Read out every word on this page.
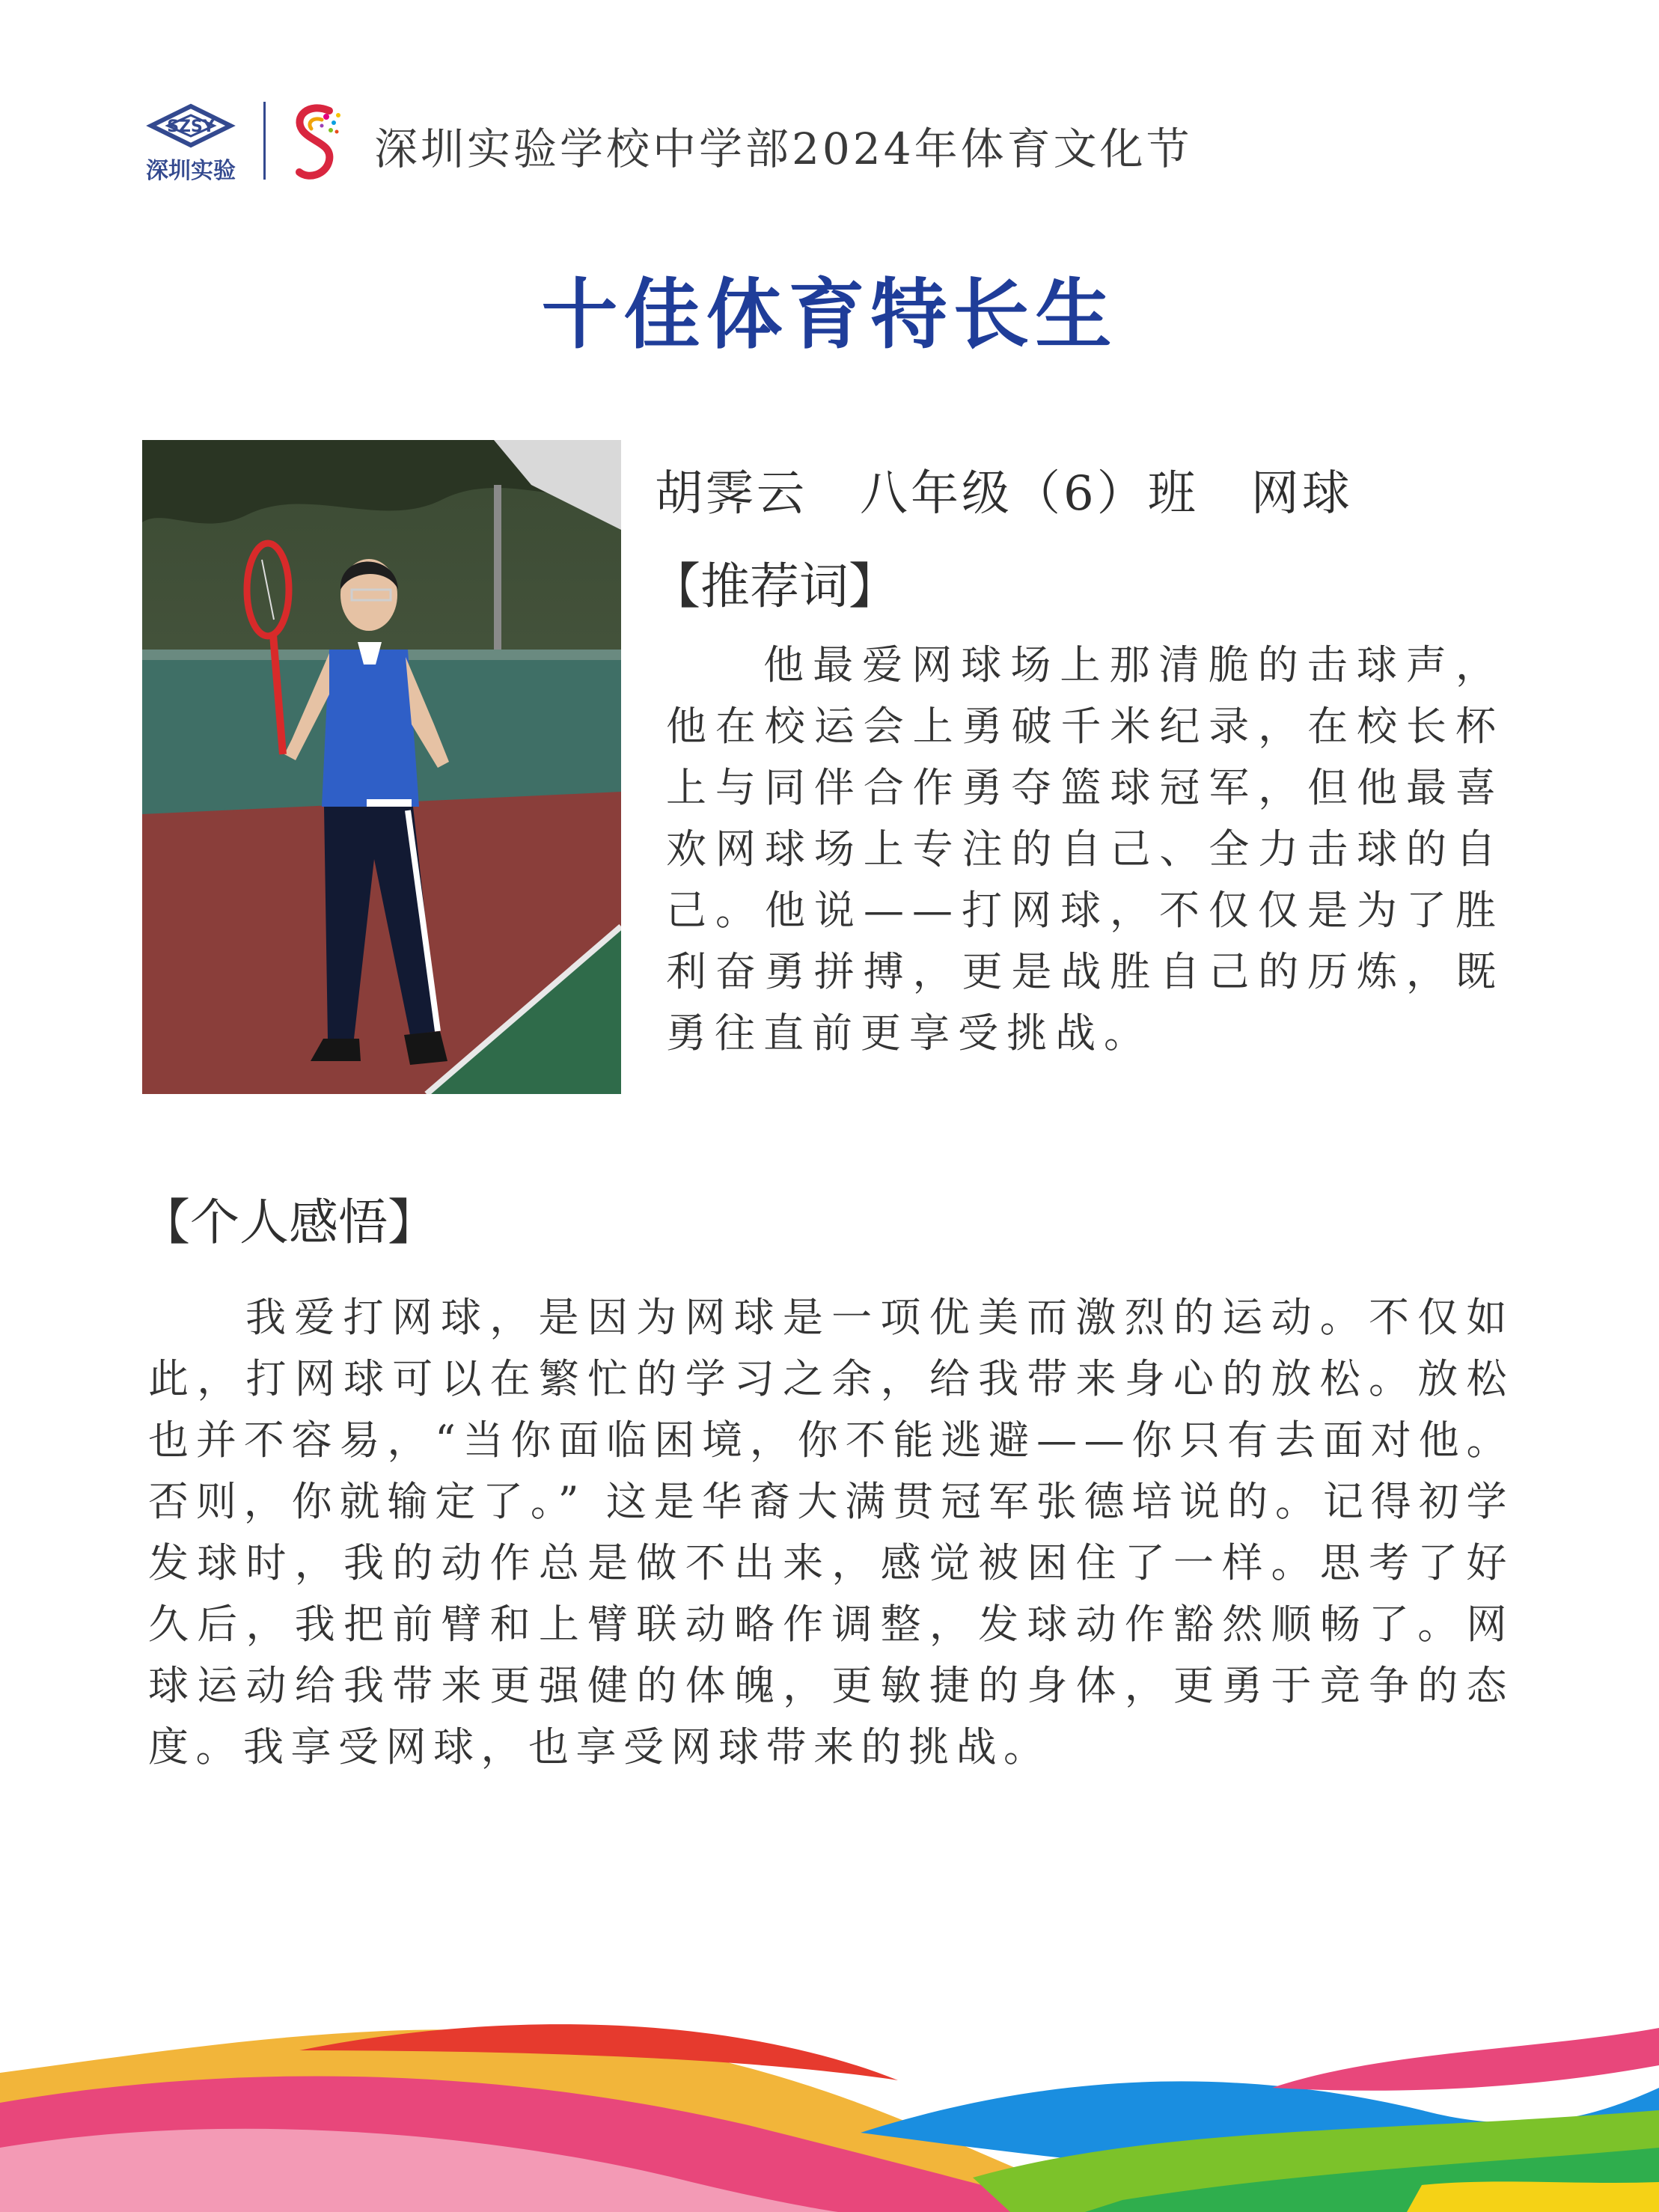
SZSY
深圳实验	深圳实验学校中学部2024年体育文化节
十佳体育特长生
胡霁云 八年级（6）班 网球
【推荐词】
他最爱网球场上那清脆的击球声，他在校运会上勇破千米纪录，在校长杯上与同伴合作勇夺篮球冠军，但他最喜欢网球场上专注的自己、全力击球的自己。他说——打网球，不仅仅是为了胜利奋勇拼搏，更是战胜自己的历炼，既勇往直前更享受挑战。
【个人感悟】
我爱打网球，是因为网球是一项优美而激烈的运动。不仅如此，打网球可以在繁忙的学习之余，给我带来身心的放松。放松也并不容易，“当你面临困境，你不能逃避——你只有去面对他。否则，你就输定了。” 这是华裔大满贯冠军张德培说的。记得初学发球时，我的动作总是做不出来，感觉被困住了一样。思考了好久后，我把前臂和上臂联动略作调整，发球动作豁然顺畅了。网球运动给我带来更强健的体魄，更敏捷的身体，更勇于竞争的态度。我享受网球，也享受网球带来的挑战。
